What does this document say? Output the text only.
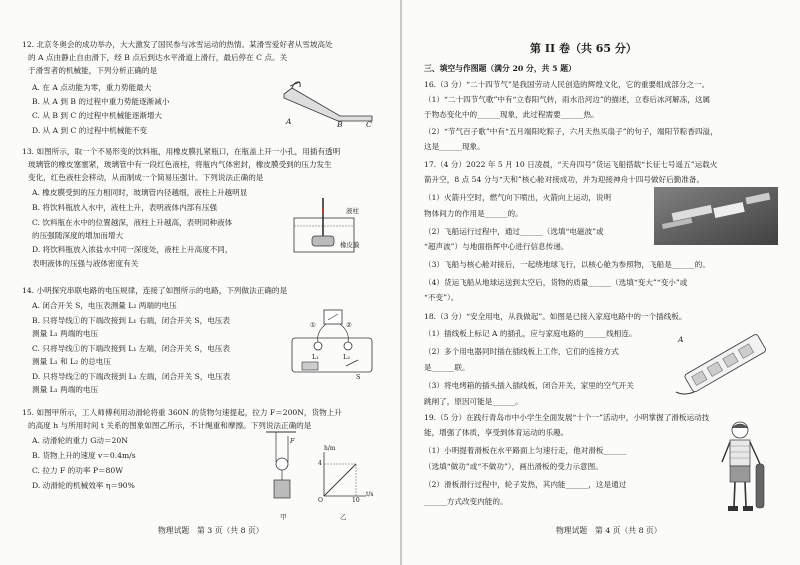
12. 北京冬奥会的成功举办，大大激发了国民参与冰雪运动的热情。某滑雪爱好者从雪坡高处
的 A 点由静止自由滑下，经 B 点后到达水平滑道上滑行，最后停在 C 点。关
于滑雪者的机械能，下列分析正确的是
A. 在 A 点动能为零，重力势能最大
B. 从 A 到 B 的过程中重力势能逐渐减小
C. 从 B 到 C 的过程中机械能逐渐增大
D. 从 A 到 C 的过程中机械能不变
A	B	C
13. 如图所示，取一个不易形变的饮料瓶，用橡皮膜扎紧瓶口，在瓶盖上开一小孔，用插有透明
玻璃管的橡皮塞塞紧，玻璃管中有一段红色液柱，将瓶内气体密封，橡皮膜受到的压力发生
变化，红色液柱会移动，从而制成一个简易压强计。下列说法正确的是
A. 橡皮膜受到的压力相同时，玻璃管内径越细，液柱上升越明显
B. 将饮料瓶放入水中，液柱上升，表明液体内部有压强
C. 饮料瓶在水中的位置越深，液柱上升越高，表明同种液体
的压强随深度的增加而增大
D. 将饮料瓶放入浓盐水中同一深度处，液柱上升高度不同，
表明液体的压强与液体密度有关
液柱
橡皮膜
14. 小明探究串联电路的电压规律，连接了如图所示的电路，下列做法正确的是
A. 闭合开关 S，电压表测量 L₂ 两端的电压
B. 只将导线①的下端改接到 L₁ 右端，闭合开关 S，电压表
测量 L₁ 两端的电压
C. 只将导线①的下端改接到 L₁ 左端，闭合开关 S，电压表
测量 L₁ 和 L₂ 的总电压
D. 只将导线②的下端改接到 L₁ 左端，闭合开关 S，电压表
测量 L₁ 两端的电压
①	②
L₁	L₂
S
15. 如图甲所示，工人师傅利用动滑轮将重 360N 的货物匀速提起，拉力 F＝200N，货物上升
的高度 h 与所用时间 t 关系的图象如图乙所示，不计绳重和摩擦。下列说法正确的是
A. 动滑轮的重力 G动＝20N
B. 货物上升的速度 v＝0.4m/s
C. 拉力 F 的功率 P＝80W
D. 动滑轮的机械效率 η＝90%
F
甲
h/m
t/s
O	10
4
乙
物理试题　第 3 页（共 8 页）
第 II 卷（共 65 分）
三、填空与作图题（满分 20 分，共 5 题）
16.（3 分）“二十四节气”是我国劳动人民创造的辉煌文化，它的重要组成部分之一。
（1）“二十四节气歌”中有“立春阳气转，雨水沿河边”的描述，立春后冰河解冻，这属
于物态变化中的______现象，此过程需要______热。
（2）“节气百子歌”中有“五月端阳吃粽子，六月天热买扇子”的句子，端阳节粽香四溢，
这是______现象。
17.（4 分）2022 年 5 月 10 日凌晨，“天舟四号”货运飞船搭载“长征七号遥五”运载火
箭升空，8 点 54 分与“天和”核心舱对接成功，并为迎接神舟十四号做好后勤准备。
（1）火箭升空时，燃气向下喷出，火箭向上运动，说明
物体间力的作用是______的。
（2）飞船运行过程中，通过______（选填“电磁波”或
“超声波”）与地面指挥中心进行信息传递。
（3）飞船与核心舱对接后，一起绕地球飞行，以核心舱为参照物，飞船是______的。
（4）货运飞船从地球运送到太空后，货物的质量______（选填“变大”“变小”或
“不变”）。
18.（3 分）“安全用电，从我做起”。如图是已接入家庭电路中的一个插线板。
（1）插线板上标记 A 的插孔，应与家庭电路的______线相连。
（2）多个用电器同时插在插线板上工作，它们的连接方式
是______联。
（3）将电烤箱的插头插入插线板，闭合开关，家里的空气开关
跳闸了，原因可能是______。
A
19.（5 分）在践行青岛市中小学生全面发展“十个一”活动中，小明掌握了滑板运动技
能，增强了体质，享受到体育运动的乐趣。
（1）小明提着滑板在水平路面上匀速行走，他对滑板______
（选填“做功”或“不做功”），画出滑板的受力示意图。
（2）滑板滑行过程中，轮子发热，其内能______，这是通过
______方式改变内能的。
物理试题　第 4 页（共 8 页）
